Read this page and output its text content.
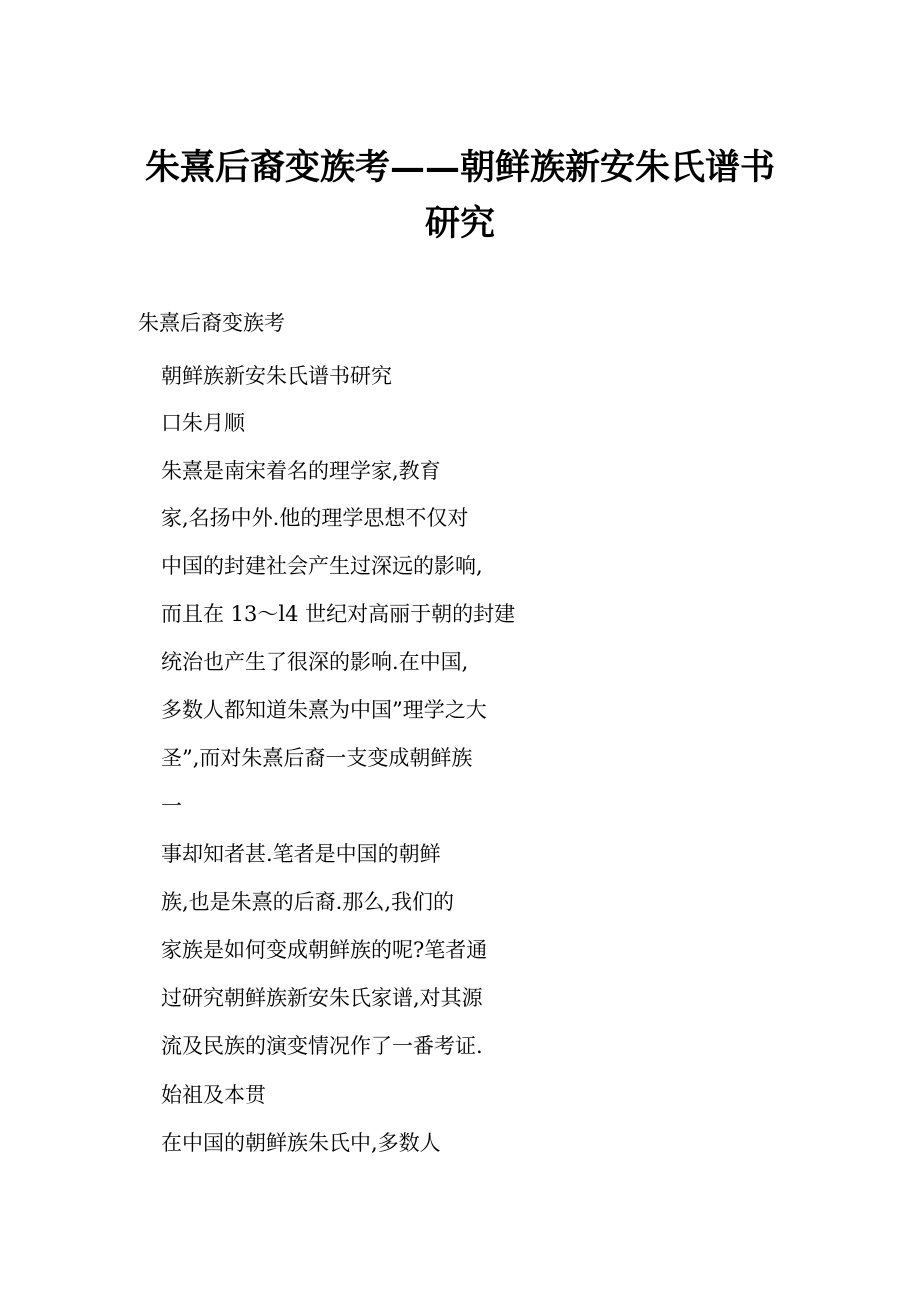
朱熹后裔变族考——朝鲜族新安朱氏谱书
研究
朱熹后裔变族考
朝鲜族新安朱氏谱书研究
口朱月顺
朱熹是南宋着名的理学家,教育
家,名扬中外.他的理学思想不仅对
中国的封建社会产生过深远的影响,
而且在 13～l4 世纪对高丽于朝的封建
统治也产生了很深的影响.在中国,
多数人都知道朱熹为中国”理学之大
圣”,而对朱熹后裔一支变成朝鲜族
一
事却知者甚.笔者是中国的朝鲜
族,也是朱熹的后裔.那么,我们的
家族是如何变成朝鲜族的呢?笔者通
过研究朝鲜族新安朱氏家谱,对其源
流及民族的演变情况作了一番考证.
始祖及本贯
在中国的朝鲜族朱氏中,多数人
